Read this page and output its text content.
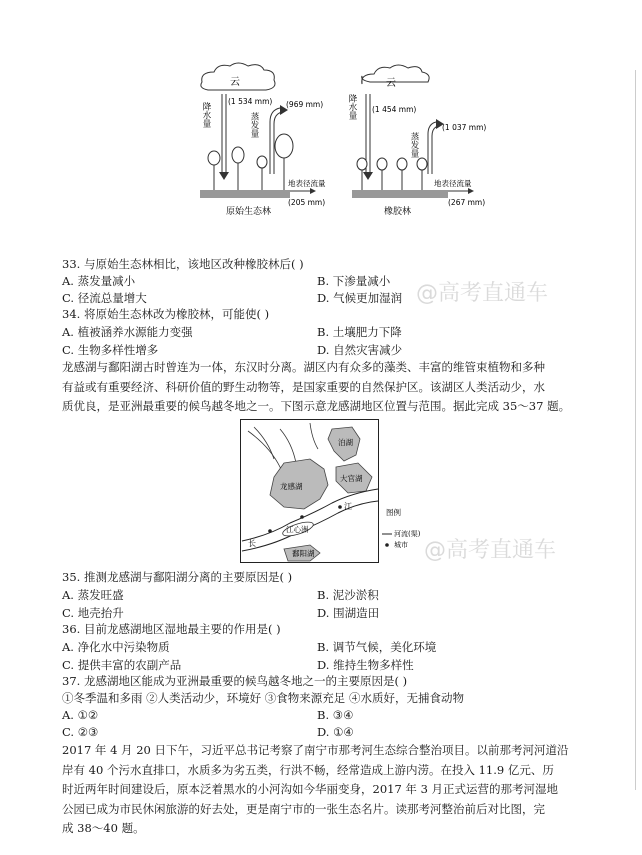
云
降水量
(1 534 mm)
蒸发量
(969 mm)
地表径流量
(205 mm)
原始生态林
云
降水量 (1 454 mm)
蒸发量
(1 037 mm)
地表径流量
(267 mm)
橡胶林
33. 与原始生态林相比，该地区改种橡胶林后( )
A. 蒸发量减小	B. 下渗量减小
C. 径流总量增大	D. 气候更加湿润
34. 将原始生态林改为橡胶林，可能使( )
A. 植被涵养水源能力变强	B. 土壤肥力下降
C. 生物多样性增多	D. 自然灾害减少
龙感湖与鄱阳湖古时曾连为一体，东汉时分离。湖区内有众多的藻类、丰富的维管束植物和多种
有益或有重要经济、科研价值的野生动物等，是国家重要的自然保护区。该湖区人类活动少，水
质优良，是亚洲最重要的候鸟越冬地之一。下图示意龙感湖地区位置与范围。据此完成 35～37 题。
泊湖
大官湖
龙感湖
江心洲
鄱阳湖
长
江
图例
河流(渠)
城市
35. 推测龙感湖与鄱阳湖分离的主要原因是( )
A. 蒸发旺盛	B. 泥沙淤积
C. 地壳抬升	D. 围湖造田
36. 目前龙感湖地区湿地最主要的作用是( )
A. 净化水中污染物质	B. 调节气候，美化环境
C. 提供丰富的农副产品	D. 维持生物多样性
37. 龙感湖地区能成为亚洲最重要的候鸟越冬地之一的主要原因是( )
①冬季温和多雨 ②人类活动少，环境好 ③食物来源充足 ④水质好，无捕食动物
A. ①②	B. ③④
C. ②③	D. ①④
2017 年 4 月 20 日下午，习近平总书记考察了南宁市那考河生态综合整治项目。以前那考河河道沿
岸有 40 个污水直排口，水质多为劣五类，行洪不畅，经常造成上游内涝。在投入 11.9 亿元、历
时近两年时间建设后，原本泛着黑水的小河沟如今华丽变身，2017 年 3 月正式运营的那考河湿地
公园已成为市民休闲旅游的好去处，更是南宁市的一张生态名片。读那考河整治前后对比图，完
成 38～40 题。
@高考直通车
@高考直通车
